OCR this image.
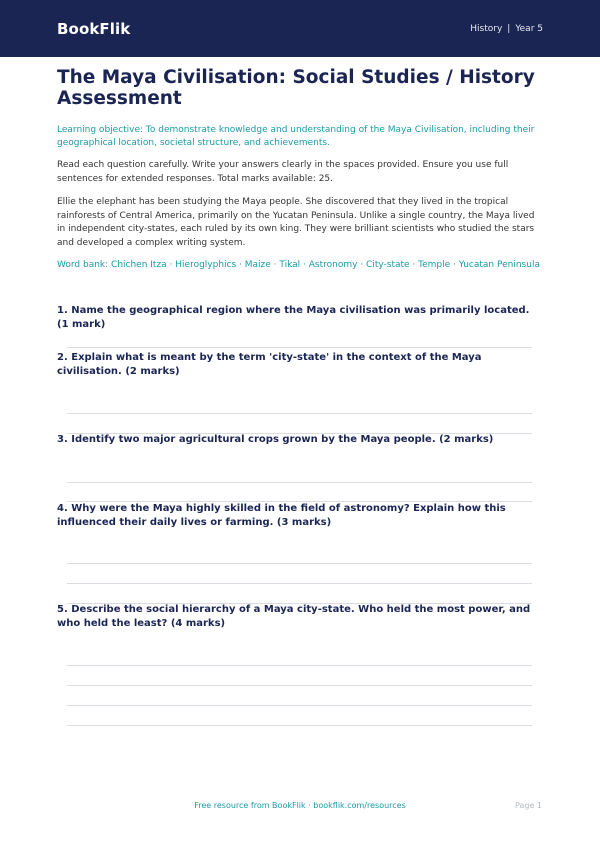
BookFlik	History | Year 5
The Maya Civilisation: Social Studies / History Assessment
Learning objective: To demonstrate knowledge and understanding of the Maya Civilisation, including their geographical location, societal structure, and achievements.
Read each question carefully. Write your answers clearly in the spaces provided. Ensure you use full sentences for extended responses. Total marks available: 25.
Ellie the elephant has been studying the Maya people. She discovered that they lived in the tropical rainforests of Central America, primarily on the Yucatan Peninsula. Unlike a single country, the Maya lived in independent city-states, each ruled by its own king. They were brilliant scientists who studied the stars and developed a complex writing system.
Word bank: Chichen Itza · Hieroglyphics · Maize · Tikal · Astronomy · City-state · Temple · Yucatan Peninsula
1. Name the geographical region where the Maya civilisation was primarily located. (1 mark)
2. Explain what is meant by the term 'city-state' in the context of the Maya civilisation. (2 marks)
3. Identify two major agricultural crops grown by the Maya people. (2 marks)
4. Why were the Maya highly skilled in the field of astronomy? Explain how this influenced their daily lives or farming. (3 marks)
5. Describe the social hierarchy of a Maya city-state. Who held the most power, and who held the least? (4 marks)
Free resource from BookFlik · bookflik.com/resources	Page 1
